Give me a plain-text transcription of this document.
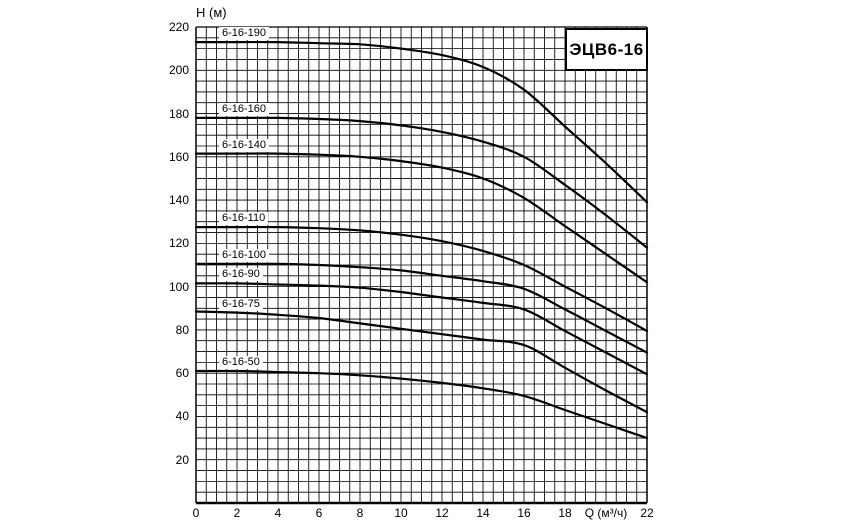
Н (м)
ЭЦВ6-16
220
200
180
160
140
120
100
80
60
40
20
0	2	4	6	8	10	12	14	16	18	Q (м³/ч)	22
6-16-190
6-16-160
6-16-140
6-16-110
6-16-100
6-16-90
6-16-75
6-16-50
